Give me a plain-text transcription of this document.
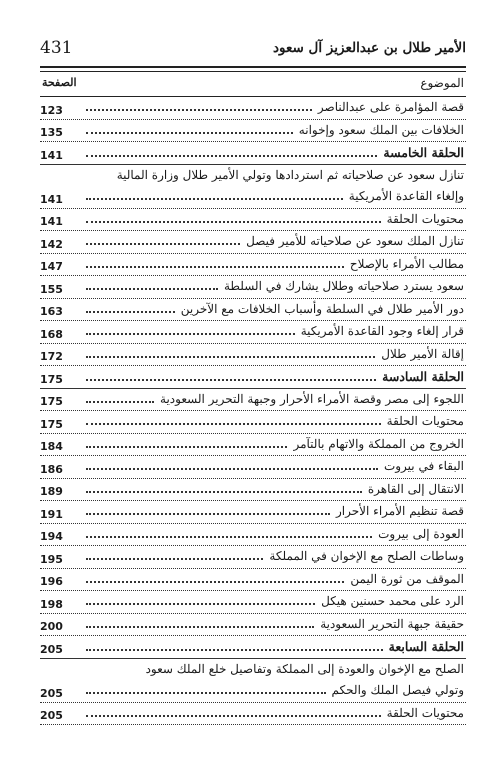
431	الأمير طلال بن عبدالعزيز آل سعود
الموضوع
الصفحة
قصة المؤامرة على عبدالناصر
123
الخلافات بين الملك سعود وإخوانه
135
الحلقة الخامسة
141
تنازل سعود عن صلاحياته ثم استردادها وتولي الأمير طلال وزارة المالية
وإلغاء القاعدة الأمريكية
141
محتويات الحلقة
141
تنازل الملك سعود عن صلاحياته للأمير فيصل
142
مطالب الأمراء بالإصلاح
147
سعود يسترد صلاحياته وطلال يشارك في السلطة
155
دور الأمير طلال في السلطة وأسباب الخلافات مع الآخرين
163
قرار إلغاء وجود القاعدة الأمريكية
168
إقالة الأمير طلال
172
الحلقة السادسة
175
اللجوء إلى مصر وقصة الأمراء الأحرار وجبهة التحرير السعودية
175
محتويات الحلقة
175
الخروج من المملكة والاتهام بالتآمر
184
البقاء في بيروت
186
الانتقال إلى القاهرة
189
قصة تنظيم الأمراء الأحرار
191
العودة إلى بيروت
194
وساطات الصلح مع الإخوان في المملكة
195
الموقف من ثورة اليمن
196
الرد على محمد حسنين هيكل
198
حقيقة جبهة التحرير السعودية
200
الحلقة السابعة
205
الصلح مع الإخوان والعودة إلى المملكة وتفاصيل خلع الملك سعود
وتولي فيصل الملك والحكم
205
محتويات الحلقة
205
